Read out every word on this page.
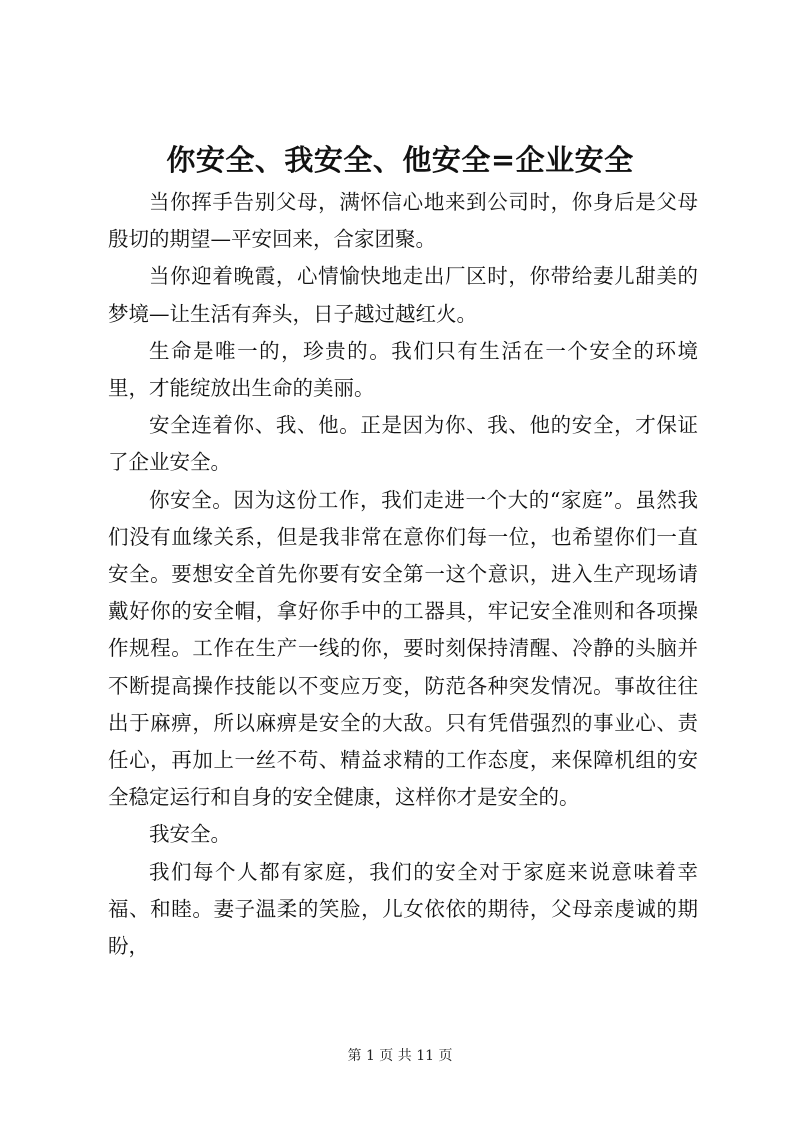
你安全、我安全、他安全=企业安全

当你挥手告别父母，满怀信心地来到公司时，你身后是父母殷切的期望—平安回来，合家团聚。

当你迎着晚霞，心情愉快地走出厂区时，你带给妻儿甜美的梦境—让生活有奔头，日子越过越红火。

生命是唯一的，珍贵的。我们只有生活在一个安全的环境里，才能绽放出生命的美丽。

安全连着你、我、他。正是因为你、我、他的安全，才保证了企业安全。

你安全。因为这份工作，我们走进一个大的“家庭”。虽然我们没有血缘关系，但是我非常在意你们每一位，也希望你们一直安全。要想安全首先你要有安全第一这个意识，进入生产现场请戴好你的安全帽，拿好你手中的工器具，牢记安全准则和各项操作规程。工作在生产一线的你，要时刻保持清醒、冷静的头脑并不断提高操作技能以不变应万变，防范各种突发情况。事故往往出于麻痹，所以麻痹是安全的大敌。只有凭借强烈的事业心、责任心，再加上一丝不苟、精益求精的工作态度，来保障机组的安全稳定运行和自身的安全健康，这样你才是安全的。

我安全。

我们每个人都有家庭，我们的安全对于家庭来说意味着幸福、和睦。妻子温柔的笑脸，儿女依依的期待，父母亲虔诚的期盼，

第 1 页 共 11 页
